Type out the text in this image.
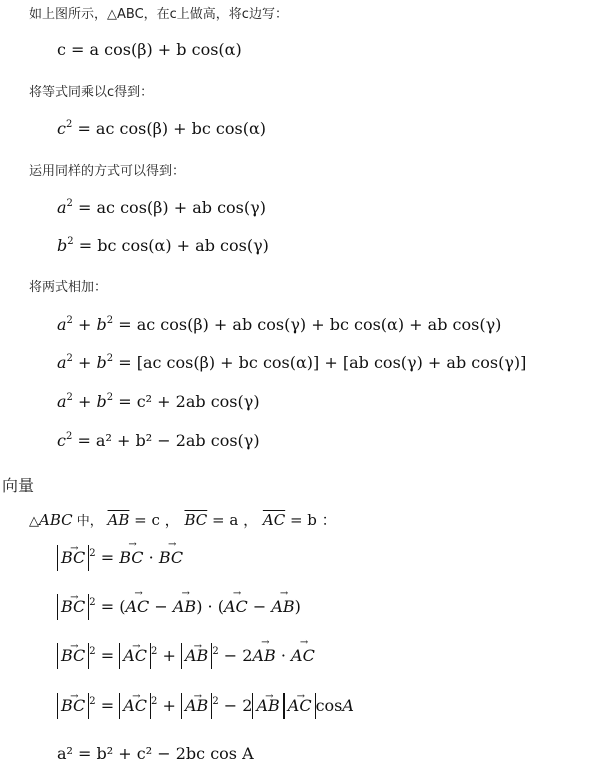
如上图所示，△ABC，在c上做高，将c边写：
c = a cos(β) + b cos(α)
将等式同乘以c得到：
$c^2$ = ac cos(β) + bc cos(α)
运用同样的方式可以得到：
$a^2$ = ac cos(β) + ab cos(γ)
$b^2$ = bc cos(α) + ab cos(γ)
将两式相加：
$a^2 + b^2$ = ac cos(β) + ab cos(γ) + bc cos(α) + ab cos(γ)
$a^2 + b^2 = [ac$ cos(β) + bc cos(α)] + [ab cos(γ) + ab cos(γ)]
$a^2 + b^2 = c^2 + 2ab$ cos(γ)
$c^2 = a^2 + b^2 - 2ab$ cos(γ)
向量
△ABC 中， $\overline{AB} = c$ ， $\overline{BC} = a$ ， $\overline{AC} = b$ ：
→ BC $^2$ = → BC · → BC
→ BC $^2$ = (→ AC − → AB) · (→ AC − → AB)
→ BC $^2$ = → AC $^2$ + → AB $^2$ − 2→ AB · → AC
→ BC $^2$ = → AC $^2$ + → AB $^2$ − 2 → AB → AC cosA
a² = b² + c² − 2bc cos A
